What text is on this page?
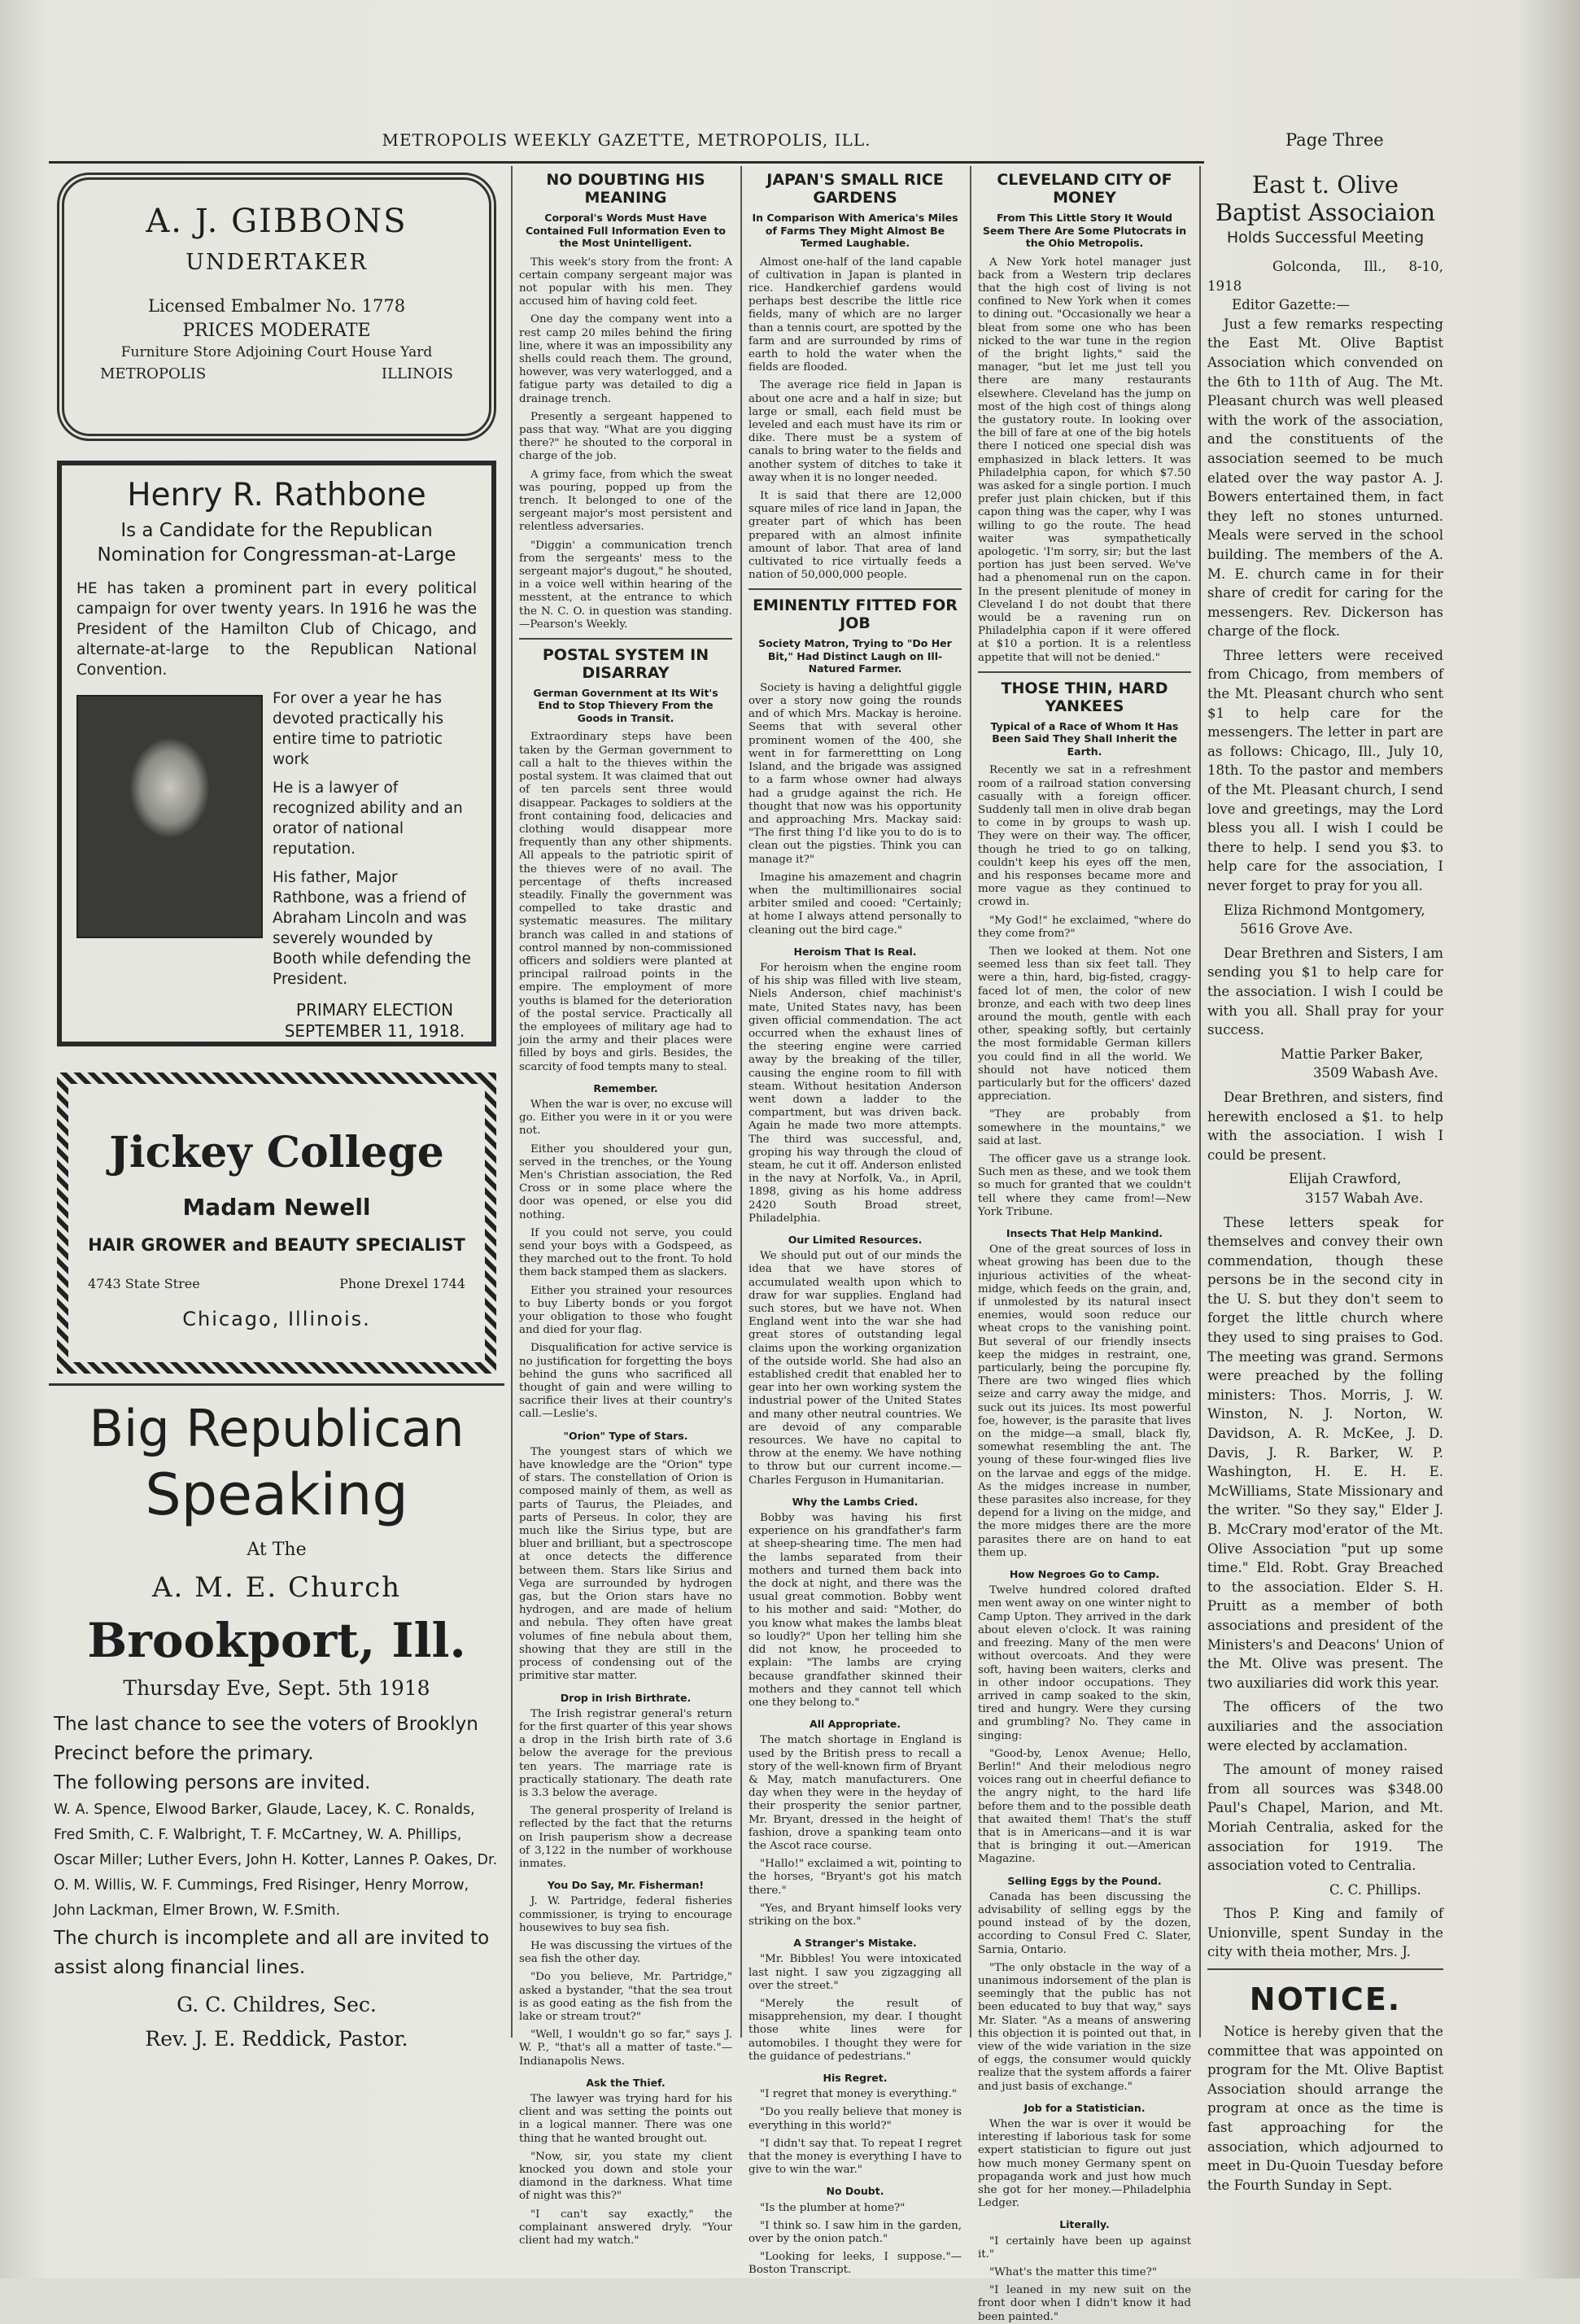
METROPOLIS WEEKLY GAZETTE, METROPOLIS, ILL.	Page Three
A. J. GIBBONS
UNDERTAKER
Licensed Embalmer No. 1778
PRICES MODERATE
Furniture Store Adjoining Court House Yard
METROPOLIS	ILLINOIS
Henry R. Rathbone
Is a Candidate for the Republican
Nomination for Congressman-at-Large
HE has taken a prominent part in every political campaign for over twenty years. In 1916 he was the President of the Hamilton Club of Chicago, and alternate-at-large to the Republican National Convention.
For over a year he has devoted practically his entire time to patriotic work
He is a lawyer of recognized ability and an orator of national reputation.
His father, Major Rathbone, was a friend of Abraham Lincoln and was severely wounded by Booth while defending the President.
PRIMARY ELECTION
SEPTEMBER 11, 1918.
Jickey College
Madam Newell
HAIR GROWER and BEAUTY SPECIALIST
4743 State Stree	Phone Drexel 1744
Chicago, Illinois.
Big Republican
Speaking
At The
A. M. E. Church
Brookport, Ill.
Thursday Eve, Sept. 5th 1918
The last chance to see the voters of Brooklyn Precinct before the primary.
The following persons are invited.
W. A. Spence, Elwood Barker, Glaude, Lacey, K. C. Ronalds, Fred Smith, C. F. Walbright, T. F. McCartney, W. A. Phillips, Oscar Miller; Luther Evers, John H. Kotter, Lannes P. Oakes, Dr. O. M. Willis, W. F. Cummings, Fred Risinger, Henry Morrow, John Lackman, Elmer Brown, W. F.Smith.
The church is incomplete and all are invited to assist along financial lines.
G. C. Childres, Sec.
Rev. J. E. Reddick, Pastor.
NO DOUBTING HIS MEANING
Corporal's Words Must Have Contained Full Information Even to the Most Unintelligent.

This week's story from the front: A certain company sergeant major was not popular with his men. They accused him of having cold feet.

One day the company went into a rest camp 20 miles behind the firing line, where it was an impossibility any shells could reach them. The ground, however, was very waterlogged, and a fatigue party was detailed to dig a drainage trench.

Presently a sergeant happened to pass that way. "What are you digging there?" he shouted to the corporal in charge of the job.

A grimy face, from which the sweat was pouring, popped up from the trench. It belonged to one of the sergeant major's most persistent and relentless adversaries.

"Diggin' a communication trench from the sergeants' mess to the sergeant major's dugout," he shouted, in a voice well within hearing of the messtent, at the entrance to which the N. C. O. in question was standing.—Pearson's Weekly.

POSTAL SYSTEM IN DISARRAY
German Government at Its Wit's End to Stop Thievery From the Goods in Transit.

Extraordinary steps have been taken by the German government to call a halt to the thieves within the postal system. It was claimed that out of ten parcels sent three would disappear. Packages to soldiers at the front containing food, delicacies and clothing would disappear more frequently than any other shipments. All appeals to the patriotic spirit of the thieves were of no avail. The percentage of thefts increased steadily. Finally the government was compelled to take drastic and systematic measures. The military branch was called in and stations of control manned by non-commissioned officers and soldiers were planted at principal railroad points in the empire. The employment of more youths is blamed for the deterioration of the postal service. Practically all the employees of military age had to join the army and their places were filled by boys and girls. Besides, the scarcity of food tempts many to steal.

Remember.

When the war is over, no excuse will go. Either you were in it or you were not.

Either you shouldered your gun, served in the trenches, or the Young Men's Christian association, the Red Cross or in some place where the door was opened, or else you did nothing.

If you could not serve, you could send your boys with a Godspeed, as they marched out to the front. To hold them back stamped them as slackers.

Either you strained your resources to buy Liberty bonds or you forgot your obligation to those who fought and died for your flag.

Disqualification for active service is no justification for forgetting the boys behind the guns who sacrificed all thought of gain and were willing to sacrifice their lives at their country's call.—Leslie's.

"Orion" Type of Stars.

The youngest stars of which we have knowledge are the "Orion" type of stars. The constellation of Orion is composed mainly of them, as well as parts of Taurus, the Pleiades, and parts of Perseus. In color, they are much like the Sirius type, but are bluer and brilliant, but a spectroscope at once detects the difference between them. Stars like Sirius and Vega are surrounded by hydrogen gas, but the Orion stars have no hydrogen, and are made of helium and nebula. They often have great volumes of fine nebula about them, showing that they are still in the process of condensing out of the primitive star matter.

Drop in Irish Birthrate.

The Irish registrar general's return for the first quarter of this year shows a drop in the Irish birth rate of 3.6 below the average for the previous ten years. The marriage rate is practically stationary. The death rate is 3.3 below the average.

The general prosperity of Ireland is reflected by the fact that the returns on Irish pauperism show a decrease of 3,122 in the number of workhouse inmates.

You Do Say, Mr. Fisherman!

J. W. Partridge, federal fisheries commissioner, is trying to encourage housewives to buy sea fish.

He was discussing the virtues of the sea fish the other day.

"Do you believe, Mr. Partridge," asked a bystander, "that the sea trout is as good eating as the fish from the lake or stream trout?"

"Well, I wouldn't go so far," says J. W. P., "that's all a matter of taste."—Indianapolis News.

Ask the Thief.

The lawyer was trying hard for his client and was setting the points out in a logical manner. There was one thing that he wanted brought out.

"Now, sir, you state my client knocked you down and stole your diamond in the darkness. What time of night was this?"

"I can't say exactly," the complainant answered dryly. "Your client had my watch."

JAPAN'S SMALL RICE GARDENS
In Comparison With America's Miles of Farms They Might Almost Be Termed Laughable.

Almost one-half of the land capable of cultivation in Japan is planted in rice. Handkerchief gardens would perhaps best describe the little rice fields, many of which are no larger than a tennis court, are spotted by the farm and are surrounded by rims of earth to hold the water when the fields are flooded.

The average rice field in Japan is about one acre and a half in size; but large or small, each field must be leveled and each must have its rim or dike. There must be a system of canals to bring water to the fields and another system of ditches to take it away when it is no longer needed.

It is said that there are 12,000 square miles of rice land in Japan, the greater part of which has been prepared with an almost infinite amount of labor. That area of land cultivated to rice virtually feeds a nation of 50,000,000 people.

EMINENTLY FITTED FOR JOB
Society Matron, Trying to "Do Her Bit," Had Distinct Laugh on Ill-Natured Farmer.

Society is having a delightful giggle over a story now going the rounds and of which Mrs. Mackay is heroine. Seems that with several other prominent women of the 400, she went in for farmerettting on Long Island, and the brigade was assigned to a farm whose owner had always had a grudge against the rich. He thought that now was his opportunity and approaching Mrs. Mackay said: "The first thing I'd like you to do is to clean out the pigsties. Think you can manage it?"

Imagine his amazement and chagrin when the multimillionaires social arbiter smiled and cooed: "Certainly; at home I always attend personally to cleaning out the bird cage."

Heroism That Is Real.

For heroism when the engine room of his ship was filled with live steam, Niels Anderson, chief machinist's mate, United States navy, has been given official commendation. The act occurred when the exhaust lines of the steering engine were carried away by the breaking of the tiller, causing the engine room to fill with steam. Without hesitation Anderson went down a ladder to the compartment, but was driven back. Again he made two more attempts. The third was successful, and, groping his way through the cloud of steam, he cut it off. Anderson enlisted in the navy at Norfolk, Va., in April, 1898, giving as his home address 2420 South Broad street, Philadelphia.

Our Limited Resources.

We should put out of our minds the idea that we have stores of accumulated wealth upon which to draw for war supplies. England had such stores, but we have not. When England went into the war she had great stores of outstanding legal claims upon the working organization of the outside world. She had also an established credit that enabled her to gear into her own working system the industrial power of the United States and many other neutral countries. We are devoid of any comparable resources. We have no capital to throw at the enemy. We have nothing to throw but our current income.—Charles Ferguson in Humanitarian.

Why the Lambs Cried.

Bobby was having his first experience on his grandfather's farm at sheep-shearing time. The men had the lambs separated from their mothers and turned them back into the dock at night, and there was the usual great commotion. Bobby went to his mother and said: "Mother, do you know what makes the lambs bleat so loudly?" Upon her telling him she did not know, he proceeded to explain: "The lambs are crying because grandfather skinned their mothers and they cannot tell which one they belong to."

All Appropriate.

The match shortage in England is used by the British press to recall a story of the well-known firm of Bryant & May, match manufacturers. One day when they were in the heyday of their prosperity the senior partner, Mr. Bryant, dressed in the height of fashion, drove a spanking team onto the Ascot race course.

"Hallo!" exclaimed a wit, pointing to the horses, "Bryant's got his match there."

"Yes, and Bryant himself looks very striking on the box."

A Stranger's Mistake.

"Mr. Bibbles! You were intoxicated last night. I saw you zigzagging all over the street."

"Merely the result of misapprehension, my dear. I thought those white lines were for automobiles. I thought they were for the guidance of pedestrians."

His Regret.

"I regret that money is everything."

"Do you really believe that money is everything in this world?"

"I didn't say that. To repeat I regret that the money is everything I have to give to win the war."

No Doubt.

"Is the plumber at home?"

"I think so. I saw him in the garden, over by the onion patch."

"Looking for leeks, I suppose."—Boston Transcript.

CLEVELAND CITY OF MONEY
From This Little Story It Would Seem There Are Some Plutocrats in the Ohio Metropolis.

A New York hotel manager just back from a Western trip declares that the high cost of living is not confined to New York when it comes to dining out. "Occasionally we hear a bleat from some one who has been nicked to the war tune in the region of the bright lights," said the manager, "but let me just tell you there are many restaurants elsewhere. Cleveland has the jump on most of the high cost of things along the gustatory route. In looking over the bill of fare at one of the big hotels there I noticed one special dish was emphasized in black letters. It was Philadelphia capon, for which $7.50 was asked for a single portion. I much prefer just plain chicken, but if this capon thing was the caper, why I was willing to go the route. The head waiter was sympathetically apologetic. 'I'm sorry, sir; but the last portion has just been served. We've had a phenomenal run on the capon. In the present plenitude of money in Cleveland I do not doubt that there would be a ravening run on Philadelphia capon if it were offered at $10 a portion. It is a relentless appetite that will not be denied."

THOSE THIN, HARD YANKEES
Typical of a Race of Whom It Has Been Said They Shall Inherit the Earth.

Recently we sat in a refreshment room of a railroad station conversing casually with a foreign officer. Suddenly tall men in olive drab began to come in by groups to wash up. They were on their way. The officer, though he tried to go on talking, couldn't keep his eyes off the men, and his responses became more and more vague as they continued to crowd in.

"My God!" he exclaimed, "where do they come from?"

Then we looked at them. Not one seemed less than six feet tall. They were a thin, hard, big-fisted, craggy-faced lot of men, the color of new bronze, and each with two deep lines around the mouth, gentle with each other, speaking softly, but certainly the most formidable German killers you could find in all the world. We should not have noticed them particularly but for the officers' dazed appreciation.

"They are probably from somewhere in the mountains," we said at last.

The officer gave us a strange look. Such men as these, and we took them so much for granted that we couldn't tell where they came from!—New York Tribune.

Insects That Help Mankind.

One of the great sources of loss in wheat growing has been due to the injurious activities of the wheat-midge, which feeds on the grain, and, if unmolested by its natural insect enemies, would soon reduce our wheat crops to the vanishing point. But several of our friendly insects keep the midges in restraint, one, particularly, being the porcupine fly. There are two winged flies which seize and carry away the midge, and suck out its juices. Its most powerful foe, however, is the parasite that lives on the midge—a small, black fly, somewhat resembling the ant. The young of these four-winged flies live on the larvae and eggs of the midge. As the midges increase in number, these parasites also increase, for they depend for a living on the midge, and the more midges there are the more parasites there are on hand to eat them up.

How Negroes Go to Camp.

Twelve hundred colored drafted men went away on one winter night to Camp Upton. They arrived in the dark about eleven o'clock. It was raining and freezing. Many of the men were without overcoats. And they were soft, having been waiters, clerks and in other indoor occupations. They arrived in camp soaked to the skin, tired and hungry. Were they cursing and grumbling? No. They came in singing:

"Good-by, Lenox Avenue; Hello, Berlin!" And their melodious negro voices rang out in cheerful defiance to the angry night, to the hard life before them and to the possible death that awaited them! That's the stuff that is in Americans—and it is war that is bringing it out.—American Magazine.

Selling Eggs by the Pound.

Canada has been discussing the advisability of selling eggs by the pound instead of by the dozen, according to Consul Fred C. Slater, Sarnia, Ontario.

"The only obstacle in the way of a unanimous indorsement of the plan is seemingly that the public has not been educated to buy that way," says Mr. Slater. "As a means of answering this objection it is pointed out that, in view of the wide variation in the size of eggs, the consumer would quickly realize that the system affords a fairer and just basis of exchange."

Job for a Statistician.

When the war is over it would be interesting if laborious task for some expert statistician to figure out just how much money Germany spent on propaganda work and just how much she got for her money.—Philadelphia Ledger.

Literally.

"I certainly have been up against it."

"What's the matter this time?"

"I leaned in my new suit on the front door when I didn't know it had been painted."

East t. Olive Baptist Associaion
Holds Successful Meeting

Golconda, Ill., 8-10, 1918

Editor Gazette:—

Just a few remarks respecting the East Mt. Olive Baptist Association which convended on the 6th to 11th of Aug. The Mt. Pleasant church was well pleased with the work of the association, and the constituents of the association seemed to be much elated over the way pastor A. J. Bowers entertained them, in fact they left no stones unturned. Meals were served in the school building. The members of the A. M. E. church came in for their share of credit for caring for the messengers. Rev. Dickerson has charge of the flock.

Three letters were received from Chicago, from members of the Mt. Pleasant church who sent $1 to help care for the messengers. The letter in part are as follows: Chicago, Ill., July 10, 18th. To the pastor and members of the Mt. Pleasant church, I send love and greetings, may the Lord bless you all. I wish I could be there to help. I send you $3. to help care for the association, I never forget to pray for you all.

Eliza Richmond Montgomery,

5616 Grove Ave.

Dear Brethren and Sisters, I am sending you $1 to help care for the association. I wish I could be with you all. Shall pray for your success.

Mattie Parker Baker,

3509 Wabash Ave.

Dear Brethren, and sisters, find herewith enclosed a $1. to help with the association. I wish I could be present.

Elijah Crawford,

3157 Wabah Ave.

These letters speak for themselves and convey their own commendation, though these persons be in the second city in the U. S. but they don't seem to forget the little church where they used to sing praises to God. The meeting was grand. Sermons were preached by the folling ministers: Thos. Morris, J. W. Winston, N. J. Norton, W. Davidson, A. R. McKee, J. D. Davis, J. R. Barker, W. P. Washington, H. E. H. E. McWilliams, State Missionary and the writer. "So they say," Elder J. B. McCrary mod'erator of the Mt. Olive Association "put up some time." Eld. Robt. Gray Breached to the association. Elder S. H. Pruitt as a member of both associations and president of the Ministers's and Deacons' Union of the Mt. Olive was present. The two auxiliaries did work this year.

The officers of the two auxiliaries and the association were elected by acclamation.

The amount of money raised from all sources was $348.00 Paul's Chapel, Marion, and Mt. Moriah Centralia, asked for the association for 1919. The association voted to Centralia.

C. C. Phillips.

Thos P. King and family of Unionville, spent Sunday in the city with theia mother, Mrs. J.

NOTICE.

Notice is hereby given that the committee that was appointed on program for the Mt. Olive Baptist Association should arrange the program at once as the time is fast approaching for the association, which adjourned to meet in Du-Quoin Tuesday before the Fourth Sunday in Sept.
